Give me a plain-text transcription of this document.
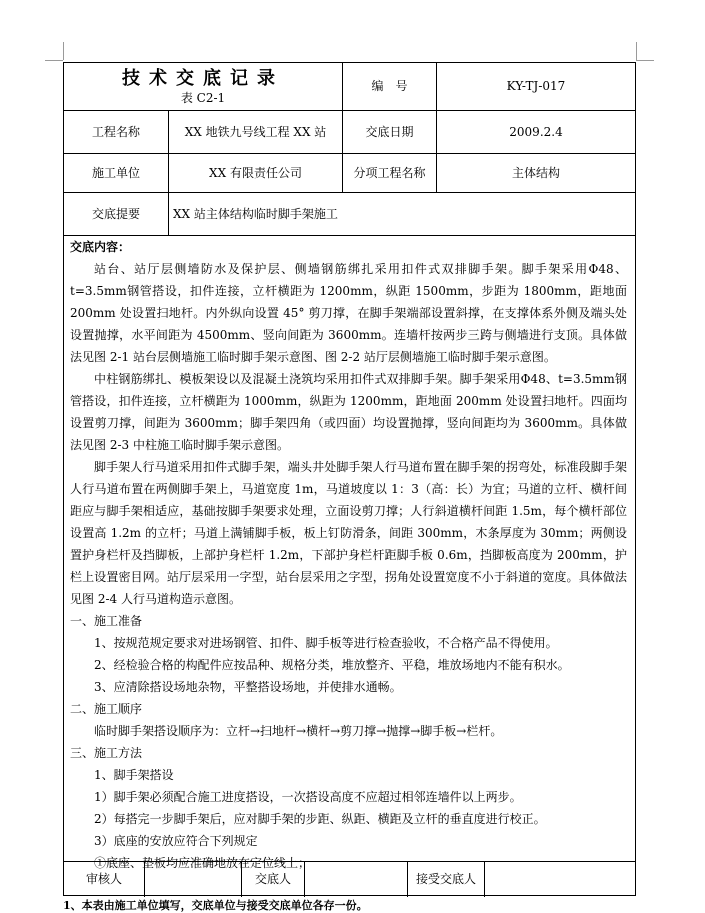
技术交底记录
表 C2-1
编　号	KY-TJ-017
工程名称	XX 地铁九号线工程 XX 站	交底日期	2009.2.4
施工单位	XX 有限责任公司	分项工程名称	主体结构
交底提要	XX 站主体结构临时脚手架施工

交底内容：

站台、站厅层侧墙防水及保护层、侧墙钢筋绑扎采用扣件式双排脚手架。脚手架采用Φ48、t=3.5mm钢管搭设，扣件连接，立杆横距为 1200mm，纵距 1500mm，步距为 1800mm，距地面 200mm 处设置扫地杆。内外纵向设置 45° 剪刀撑，在脚手架端部设置斜撑，在支撑体系外侧及端头处设置抛撑，水平间距为 4500mm、竖向间距为 3600mm。连墙杆按两步三跨与侧墙进行支顶。具体做法见图 2-1 站台层侧墙施工临时脚手架示意图、图 2-2 站厅层侧墙施工临时脚手架示意图。

中柱钢筋绑扎、模板架设以及混凝土浇筑均采用扣件式双排脚手架。脚手架采用Φ48、t=3.5mm钢管搭设，扣件连接，立杆横距为 1000mm，纵距为 1200mm，距地面 200mm 处设置扫地杆。四面均设置剪刀撑，间距为 3600mm；脚手架四角（或四面）均设置抛撑，竖向间距均为 3600mm。具体做法见图 2-3 中柱施工临时脚手架示意图。

脚手架人行马道采用扣件式脚手架，端头井处脚手架人行马道布置在脚手架的拐弯处，标准段脚手架人行马道布置在两侧脚手架上，马道宽度 1m，马道坡度以 1：3（高：长）为宜；马道的立杆、横杆间距应与脚手架相适应，基础按脚手架要求处理，立面设剪刀撑；人行斜道横杆间距 1.5m，每个横杆部位设置高 1.2m 的立杆；马道上满铺脚手板，板上钉防滑条，间距 300mm，木条厚度为 30mm；两侧设置护身栏杆及挡脚板，上部护身栏杆 1.2m，下部护身栏杆距脚手板 0.6m，挡脚板高度为 200mm，护栏上设置密目网。站厅层采用一字型，站台层采用之字型，拐角处设置宽度不小于斜道的宽度。具体做法见图 2-4 人行马道构造示意图。

一、施工准备

1、按规范规定要求对进场钢管、扣件、脚手板等进行检查验收，不合格产品不得使用。

2、经检验合格的构配件应按品种、规格分类，堆放整齐、平稳，堆放场地内不能有积水。

3、应清除搭设场地杂物，平整搭设场地，并使排水通畅。

二、施工顺序

临时脚手架搭设顺序为：立杆→扫地杆→横杆→剪刀撑→抛撑→脚手板→栏杆。

三、施工方法

1、脚手架搭设

1）脚手架必须配合施工进度搭设，一次搭设高度不应超过相邻连墙件以上两步。

2）每搭完一步脚手架后，应对脚手架的步距、纵距、横距及立杆的垂直度进行校正。

3）底座的安放应符合下列规定

①底座、垫板均应准确地放在定位线上；

审核人	交底人	接受交底人
1、本表由施工单位填写，交底单位与接受交底单位各存一份。
